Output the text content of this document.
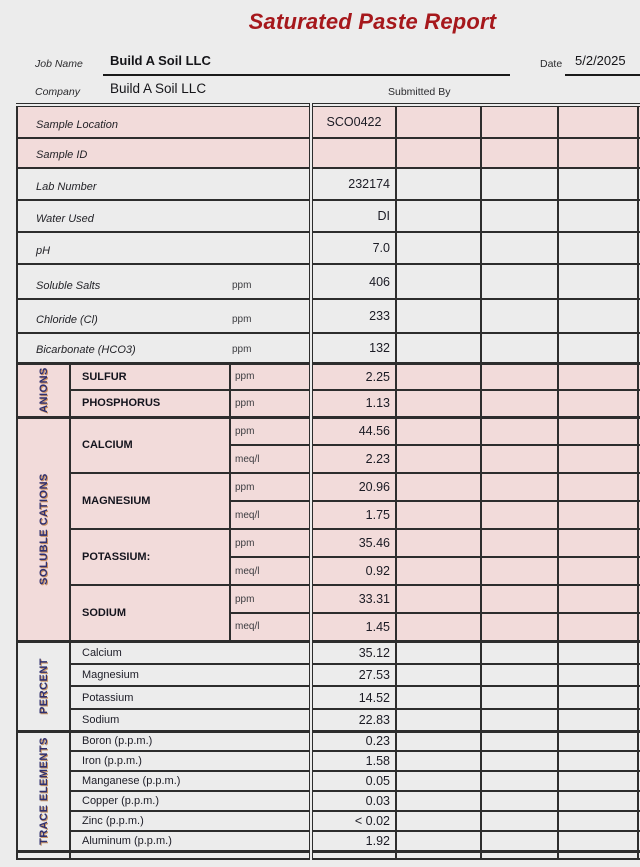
Saturated Paste Report
Job Name Build A Soil LLC	Date 5/2/2025
Company Build A Soil LLC	Submitted By
Sample Location			SCO0422				
Sample ID							
Lab Number			232174				
Water Used			DI				
pH			7.0				
Soluble Salts ppm			406				
Chloride (Cl) ppm			233				
Bicarbonate (HCO3) ppm			132				

ANIONS	SULFUR	ppm	2.25				
	PHOSPHORUS	ppm	1.13				

SOLUBLE CATIONS	CALCIUM	ppm	44.56				
		meq/l	2.23				
	MAGNESIUM	ppm	20.96				
		meq/l	1.75				
	POTASSIUM:	ppm	35.46				
		meq/l	0.92				
	SODIUM	ppm	33.31				
		meq/l	1.45				

PERCENT	Calcium		35.12				
	Magnesium		27.53				
	Potassium		14.52				
	Sodium		22.83				

TRACE ELEMENTS	Boron (p.p.m.)		0.23				
	Iron (p.p.m.)		1.58				
	Manganese (p.p.m.)		0.05				
	Copper (p.p.m.)		0.03				
	Zinc (p.p.m.)		< 0.02				
	Aluminum (p.p.m.)		1.92				
